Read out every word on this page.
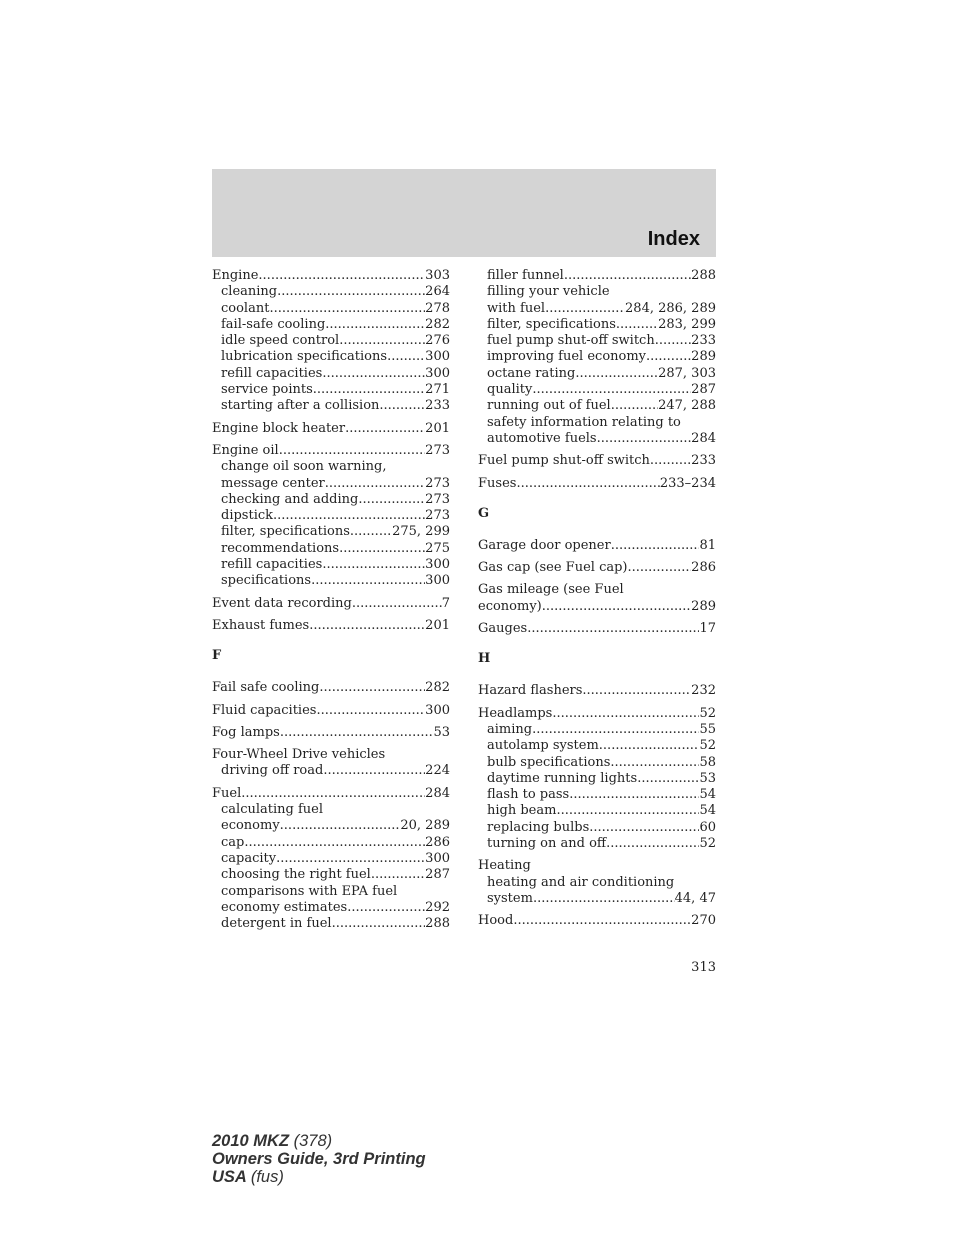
Index
Engine .....	303
cleaning .....	264
coolant .....	278
fail-safe cooling .....	282
idle speed control .....	276
lubrication specifications .....	300
refill capacities .....	300
service points .....	271
starting after a collision .....	233
Engine block heater .....	201
Engine oil .....	273
change oil soon warning,
message center .....	273
checking and adding .....	273
dipstick .....	273
filter, specifications .....	275, 299
recommendations .....	275
refill capacities .....	300
specifications .....	300
Event data recording .....	7
Exhaust fumes .....	201
F
Fail safe cooling .....	282
Fluid capacities .....	300
Fog lamps .....	53
Four-Wheel Drive vehicles
driving off road .....	224
Fuel .....	284
calculating fuel
economy .....	20, 289
cap .....	286
capacity .....	300
choosing the right fuel .....	287
comparisons with EPA fuel
economy estimates .....	292
detergent in fuel .....	288
filler funnel .....	288
filling your vehicle
with fuel .....	284, 286, 289
filter, specifications .....	283, 299
fuel pump shut-off switch .....	233
improving fuel economy .....	289
octane rating .....	287, 303
quality .....	287
running out of fuel .....	247, 288
safety information relating to
automotive fuels .....	284
Fuel pump shut-off switch .....	233
Fuses .....	233–234
G
Garage door opener .....	81
Gas cap (see Fuel cap) .....	286
Gas mileage (see Fuel
economy) .....	289
Gauges .....	17
H
Hazard flashers .....	232
Headlamps .....	52
aiming .....	55
autolamp system .....	52
bulb specifications .....	58
daytime running lights .....	53
flash to pass .....	54
high beam .....	54
replacing bulbs .....	60
turning on and off .....	52
Heating
heating and air conditioning
system .....	44, 47
Hood .....	270
313
2010 MKZ (378)
Owners Guide, 3rd Printing
USA (fus)
